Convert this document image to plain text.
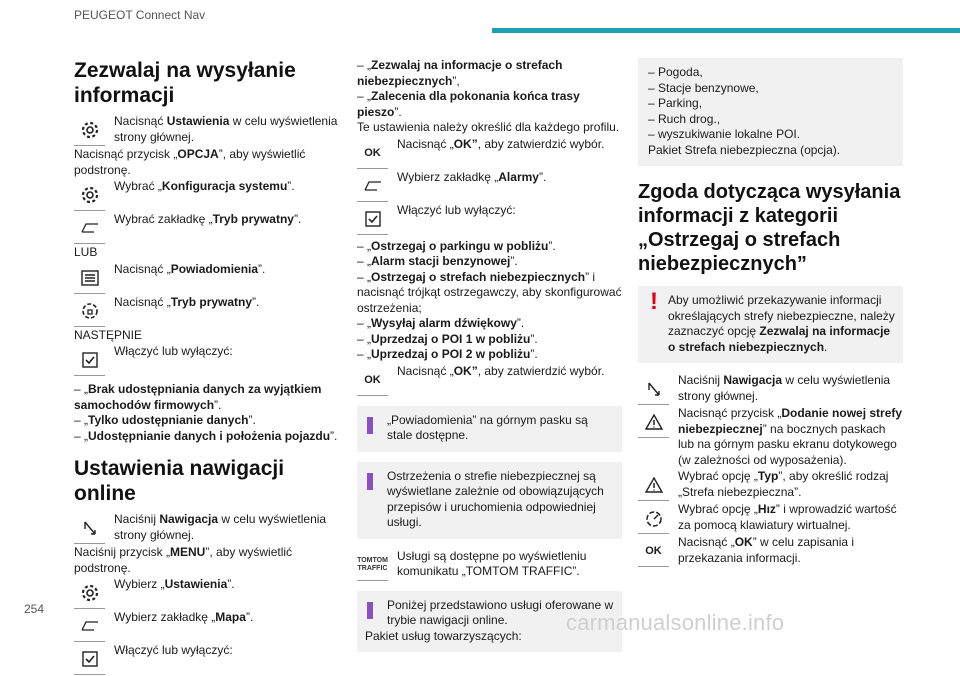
PEUGEOT Connect Nav
Zezwalaj na wysyłanie informacji

Nacisnąć Ustawienia w celu wyświetlenia strony głównej.

Nacisnąć przycisk „OPCJA”, aby wyświetlić podstronę.

Wybrać „Konfiguracja systemu”.

Wybrać zakładkę „Tryb prywatny”.

LUB

Nacisnąć „Powiadomienia”.

Nacisnąć „Tryb prywatny”.

NASTĘPNIE

Włączyć lub wyłączyć:

– „Brak udostępniania danych za wyjątkiem samochodów firmowych”.

– „Tylko udostępnianie danych”.

– „Udostępnianie danych i położenia pojazdu”.

Ustawienia nawigacji online

Naciśnij Nawigacja w celu wyświetlenia strony głównej.

Naciśnij przycisk „MENU”, aby wyświetlić podstronę.

Wybierz „Ustawienia”.

Wybierz zakładkę „Mapa”.

Włączyć lub wyłączyć:

– „Zezwalaj na informacje o strefach niebezpiecznych”,

– „Zalecenia dla pokonania końca trasy pieszo”.

Te ustawienia należy określić dla każdego profilu.

OK

Nacisnąć „OK”, aby zatwierdzić wybór.

Wybierz zakładkę „Alarmy”.

Włączyć lub wyłączyć:

– „Ostrzegaj o parkingu w pobliżu”.

– „Alarm stacji benzynowej”.

– „Ostrzegaj o strefach niebezpiecznych” i nacisnąć trójkąt ostrzegawczy, aby skonfigurować ostrzeżenia;

– „Wysyłaj alarm dźwiękowy”.

– „Uprzedzaj o POI 1 w pobliżu”.

– „Uprzedzaj o POI 2 w pobliżu”.

OK

Nacisnąć „OK”, aby zatwierdzić wybór.

„Powiadomienia” na górnym pasku są stale dostępne.

Ostrzeżenia o strefie niebezpiecznej są wyświetlane zależnie od obowiązujących przepisów i uruchomienia odpowiedniej usługi.

TOMTOM TRAFFIC

Usługi są dostępne po wyświetleniu komunikatu „TOMTOM TRAFFIC”.

Poniżej przedstawiono usługi oferowane w trybie nawigacji online.

Pakiet usług towarzyszących:

– Pogoda,

– Stacje benzynowe,

– Parking,

– Ruch drog.,

– wyszukiwanie lokalne POI.

Pakiet Strefa niebezpieczna (opcja).

Zgoda dotycząca wysyłania informacji z kategorii „Ostrzegaj o strefach niebezpiecznych”
! Aby umożliwić przekazywanie informacji określających strefy niebezpieczne, należy zaznaczyć opcję Zezwalaj na informacje o strefach niebezpiecznych.

Naciśnij Nawigacja w celu wyświetlenia strony głównej.

Nacisnąć przycisk „Dodanie nowej strefy niebezpiecznej” na bocznych paskach lub na górnym pasku ekranu dotykowego (w zależności od wyposażenia).

Wybrać opcję „Typ”, aby określić rodzaj „Strefa niebezpieczna”.

Wybrać opcję „Hız” i wprowadzić wartość za pomocą klawiatury wirtualnej.

OK

Nacisnąć „OK” w celu zapisania i przekazania informacji.

254
carmanualsonline.info
